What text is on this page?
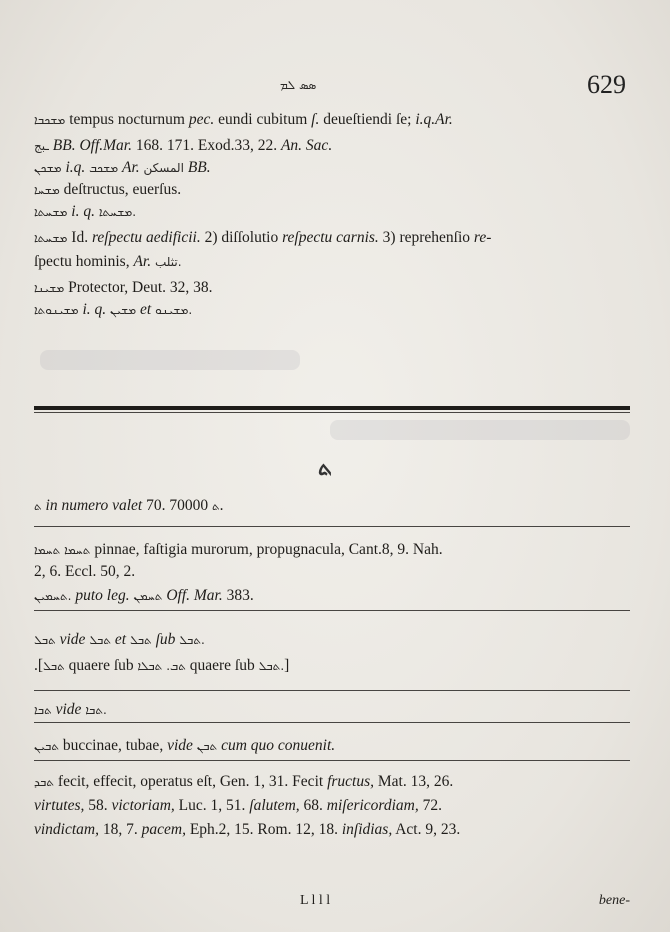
ܣܣ ܠܡ	629
ܡܫܟܒܐ tempus nocturnum pec. eundi cubitum ſ. deueſtiendi ſe; i.q.Ar.
ـبج BB. Off.Mar. 168. 171. Exod.33, 22. An. Sac.
ܡܫܟܢ i.q. ܡܫܟܒ Ar. المسكن BB.
ܡܫܚܐ deſtructus, euerſus.
ܡܫܚܬܐ i. q. ܡܫܚܬܐ.
ܡܫܚܬܐ Id. reſpectu aedificii. 2) diſſolutio reſpectu carnis. 3) reprehenſio re-
ſpectu hominis, Ar. تثلب.
ܡܫܝܢܐ Protector, Deut. 32, 38.
ܡܫܝܢܘܬܐ i. q. ܡܫܝܢ et ܡܫܝܢܘ.
ܬ
ܬ in numero valet 70.	ܬ 70000.
ܬܚܡܐ ܬܚܡܐ pinnae, faſtigia murorum, propugnacula, Cant.8, 9. Nah.
2, 6. Eccl. 50, 2.
ܬܚܡܝܢ. puto leg. ܬܚܡܢ Off. Mar. 383.
ܬܒܠ vide ܬܒܠ et ܬܒܠ ſub ܬܒܠ.
.[ܬܒܠ quaere ſub ܬܒ. ܬܒܠܐ quaere ſub ܬܒܠ.]
ܬܒܐ vide ܬܒܐ.
ܬܒܝܢ buccinae, tubae, vide ܬܒܢ cum quo conuenit.
ܬܒܕ fecit, effecit, operatus eſt, Gen. 1, 31. Fecit fructus, Mat. 13, 26.
virtutes, 58. victoriam, Luc. 1, 51. ſalutem, 68. miſericordiam, 72.
vindictam, 18, 7. pacem, Eph.2, 15. Rom. 12, 18. inſidias, Act. 9, 23.
L l l l	bene-
